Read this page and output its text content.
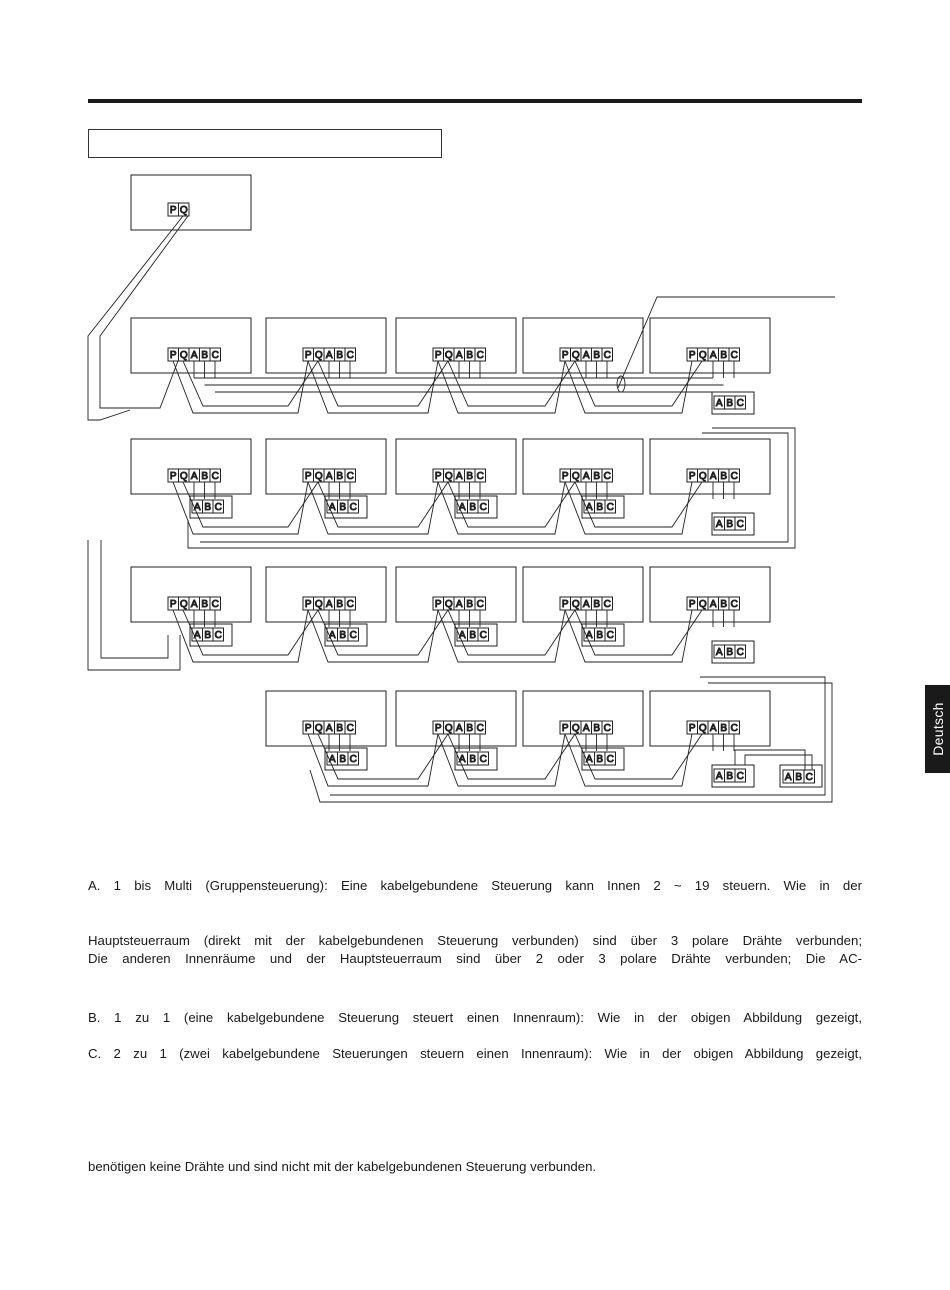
P Q
P Q A B C	P Q A B C	P Q A B C	P Q A B C	P Q A B C
A B C
P Q A B C	P Q A B C	P Q A B C	P Q A B C	P Q A B C
A B C	A B C	A B C	A B C
A B C
P Q A B C	P Q A B C	P Q A B C	P Q A B C	P Q A B C
A B C	A B C	A B C	A B C
A B C
P Q A B C	P Q A B C	P Q A B C	P Q A B C
A B C	A B C	A B C
A B C	A B C
Deutsch

A. 1 bis Multi (Gruppensteuerung): Eine kabelgebundene Steuerung kann Innen 2 ~ 19 steuern. Wie in der

Hauptsteuerraum (direkt mit der kabelgebundenen Steuerung verbunden) sind über 3 polare Drähte verbunden;

Die anderen Innenräume und der Hauptsteuerraum sind über 2 oder 3 polare Drähte verbunden; Die AC-

B. 1 zu 1 (eine kabelgebundene Steuerung steuert einen Innenraum): Wie in der obigen Abbildung gezeigt,

C. 2 zu 1 (zwei kabelgebundene Steuerungen steuern einen Innenraum): Wie in der obigen Abbildung gezeigt,

benötigen keine Drähte und sind nicht mit der kabelgebundenen Steuerung verbunden.
